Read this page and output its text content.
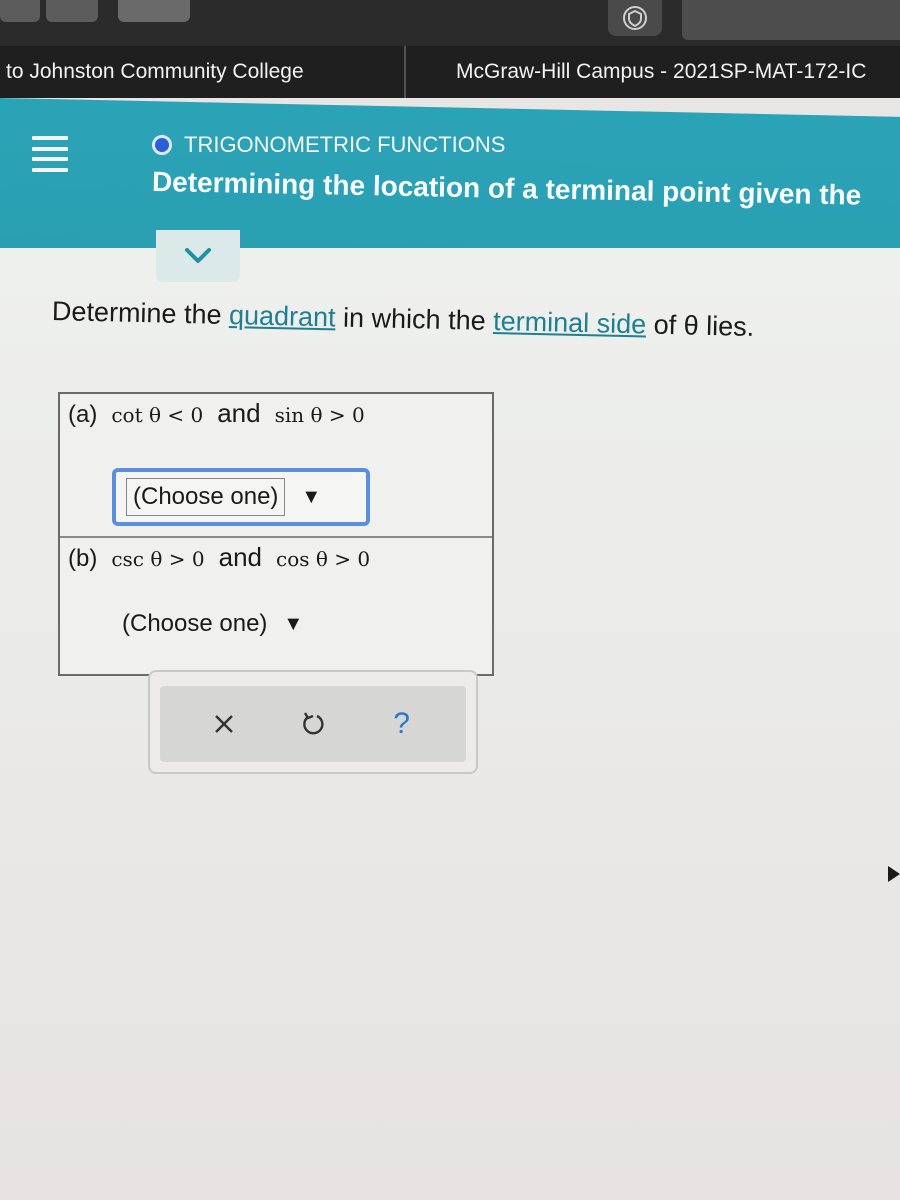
to Johnston Community College	McGraw-Hill Campus - 2021SP-MAT-172-IC
TRIGONOMETRIC FUNCTIONS
Determining the location of a terminal point given the
Determine the quadrant in which the terminal side of θ lies.
(a) cot θ < 0 and sin θ > 0
(Choose one)	▼
(b) csc θ > 0 and cos θ > 0
(Choose one) ▼
?
